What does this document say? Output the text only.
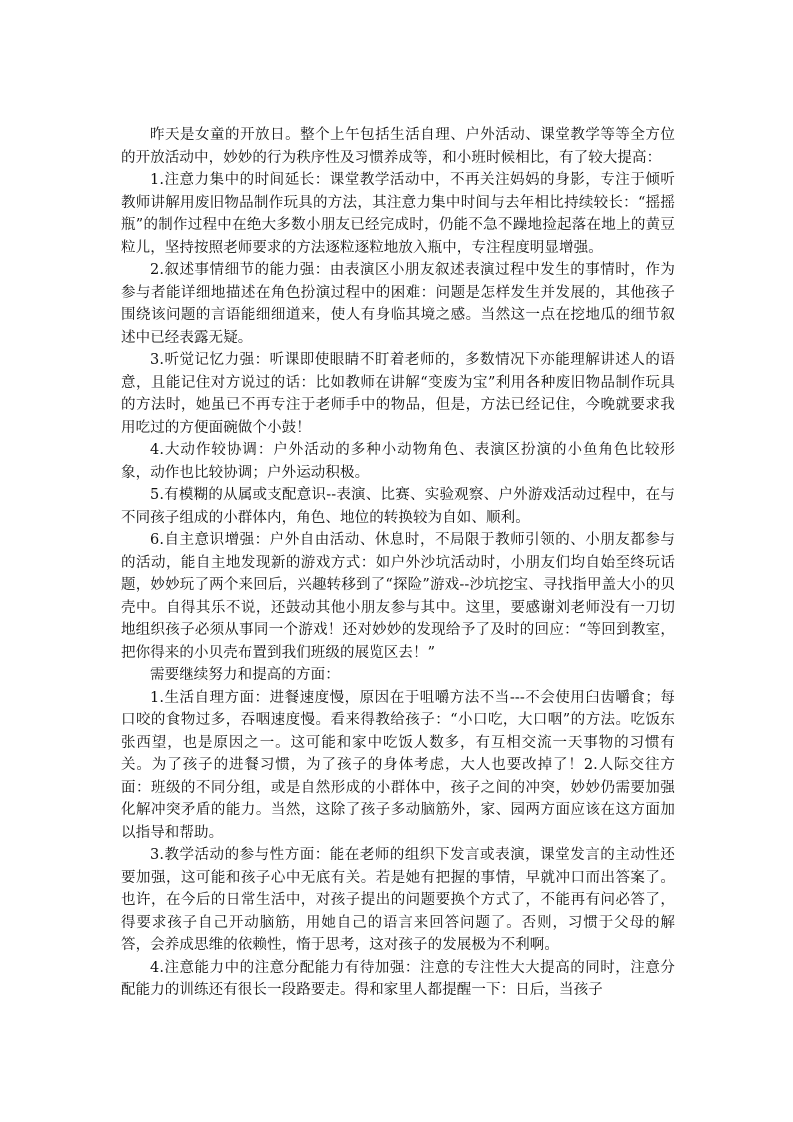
昨天是女童的开放日。整个上午包括生活自理、户外活动、课堂教学等等全方位的开放活动中，妙妙的行为秩序性及习惯养成等，和小班时候相比，有了较大提高：

1.注意力集中的时间延长：课堂教学活动中，不再关注妈妈的身影，专注于倾听教师讲解用废旧物品制作玩具的方法，其注意力集中时间与去年相比持续较长：“摇摇瓶”的制作过程中在绝大多数小朋友已经完成时，仍能不急不躁地捡起落在地上的黄豆粒儿，坚持按照老师要求的方法逐粒逐粒地放入瓶中，专注程度明显增强。

2.叙述事情细节的能力强：由表演区小朋友叙述表演过程中发生的事情时，作为参与者能详细地描述在角色扮演过程中的困难：问题是怎样发生并发展的，其他孩子围绕该问题的言语能细细道来，使人有身临其境之感。当然这一点在挖地瓜的细节叙述中已经表露无疑。

3.听觉记忆力强：听课即使眼睛不盯着老师的，多数情况下亦能理解讲述人的语意，且能记住对方说过的话：比如教师在讲解“变废为宝”利用各种废旧物品制作玩具的方法时，她虽已不再专注于老师手中的物品，但是，方法已经记住，今晚就要求我用吃过的方便面碗做个小鼓！

4.大动作较协调：户外活动的多种小动物角色、表演区扮演的小鱼角色比较形象，动作也比较协调；户外运动积极。

5.有模糊的从属或支配意识--表演、比赛、实验观察、户外游戏活动过程中，在与不同孩子组成的小群体内，角色、地位的转换较为自如、顺利。

6.自主意识增强：户外自由活动、休息时，不局限于教师引领的、小朋友都参与的活动，能自主地发现新的游戏方式：如户外沙坑活动时，小朋友们均自始至终玩话题，妙妙玩了两个来回后，兴趣转移到了“探险”游戏--沙坑挖宝、寻找指甲盖大小的贝壳中。自得其乐不说，还鼓动其他小朋友参与其中。这里，要感谢刘老师没有一刀切地组织孩子必须从事同一个游戏！还对妙妙的发现给予了及时的回应：“等回到教室，把你得来的小贝壳布置到我们班级的展览区去！”

需要继续努力和提高的方面：

1.生活自理方面：进餐速度慢，原因在于咀嚼方法不当---不会使用臼齿嚼食；每口咬的食物过多，吞咽速度慢。看来得教给孩子：“小口吃，大口咽”的方法。吃饭东张西望，也是原因之一。这可能和家中吃饭人数多，有互相交流一天事物的习惯有关。为了孩子的进餐习惯，为了孩子的身体考虑，大人也要改掉了！2.人际交往方面：班级的不同分组，或是自然形成的小群体中，孩子之间的冲突，妙妙仍需要加强化解冲突矛盾的能力。当然，这除了孩子多动脑筋外，家、园两方面应该在这方面加以指导和帮助。

3.教学活动的参与性方面：能在老师的组织下发言或表演，课堂发言的主动性还要加强，这可能和孩子心中无底有关。若是她有把握的事情，早就冲口而出答案了。也许，在今后的日常生活中，对孩子提出的问题要换个方式了，不能再有问必答了，得要求孩子自己开动脑筋，用她自己的语言来回答问题了。否则，习惯于父母的解答，会养成思维的依赖性，惰于思考，这对孩子的发展极为不利啊。

4.注意能力中的注意分配能力有待加强：注意的专注性大大提高的同时，注意分配能力的训练还有很长一段路要走。得和家里人都提醒一下：日后，当孩子
